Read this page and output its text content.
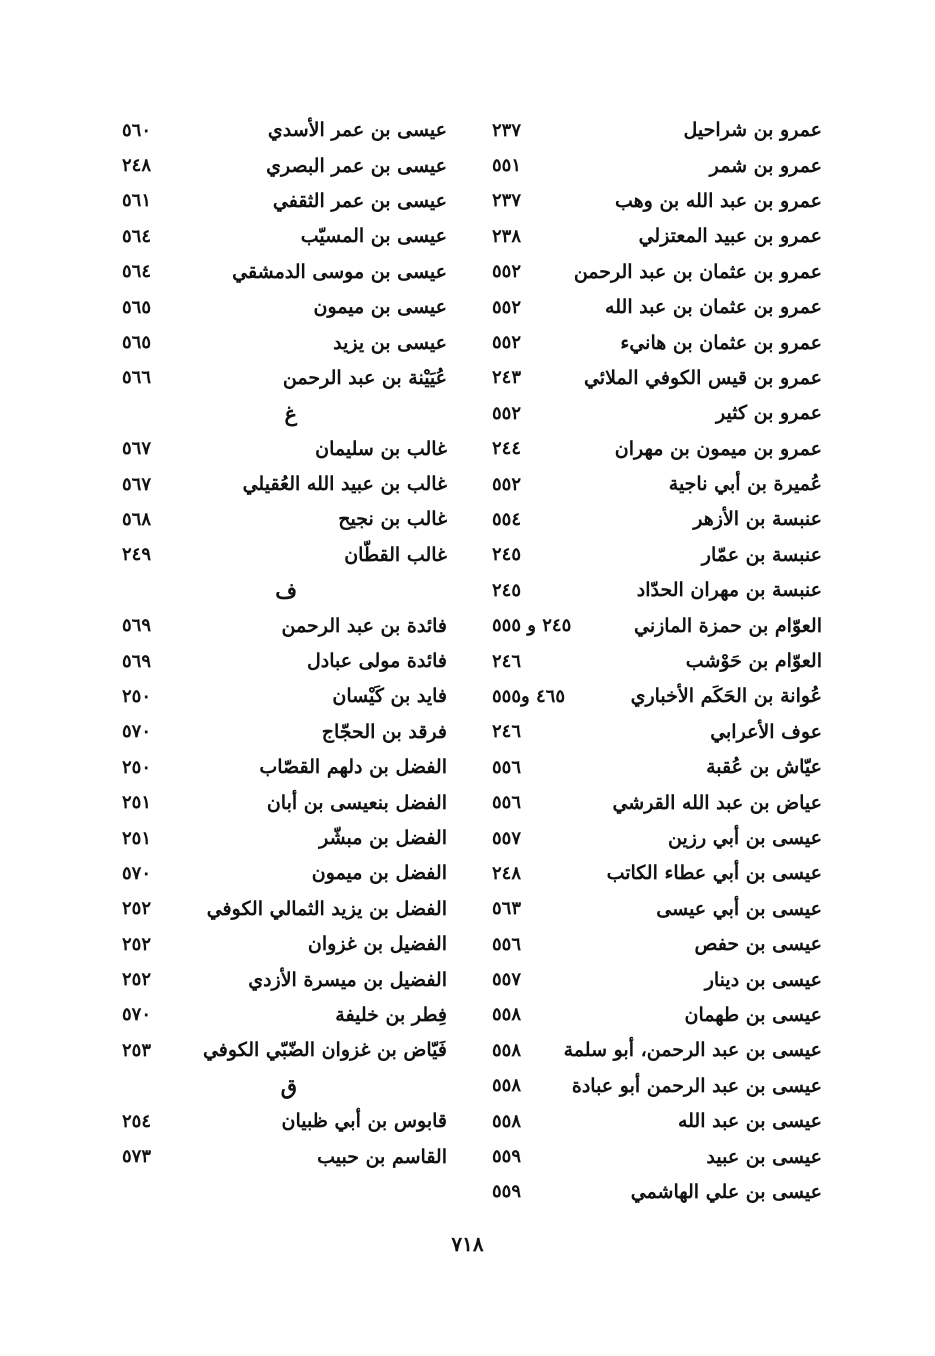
عمرو بن شراحيل
٢٣٧
عمرو بن شمر
٥٥١
عمرو بن عبد الله بن وهب
٢٣٧
عمرو بن عبيد المعتزلي
٢٣٨
عمرو بن عثمان بن عبد الرحمن
٥٥٢
عمرو بن عثمان بن عبد الله
٥٥٢
عمرو بن عثمان بن هانيء
٥٥٢
عمرو بن قيس الكوفي الملائي
٢٤٣
عمرو بن كثير
٥٥٢
عمرو بن ميمون بن مهران
٢٤٤
عُميرة بن أبي ناجية
٥٥٢
عنبسة بن الأزهر
٥٥٤
عنبسة بن عمّار
٢٤٥
عنبسة بن مهران الحدّاد
٢٤٥
العوّام بن حمزة المازني
٢٤٥ و ٥٥٥
العوّام بن حَوْشب
٢٤٦
عُوانة بن الحَكَم الأخباري
٤٦٥ و٥٥٥
عوف الأعرابي
٢٤٦
عيّاش بن عُقبة
٥٥٦
عياض بن عبد الله القرشي
٥٥٦
عيسى بن أبي رزين
٥٥٧
عيسى بن أبي عطاء الكاتب
٢٤٨
عيسى بن أبي عيسى
٥٦٣
عيسى بن حفص
٥٥٦
عيسى بن دينار
٥٥٧
عيسى بن طهمان
٥٥٨
عيسى بن عبد الرحمن، أبو سلمة
٥٥٨
عيسى بن عبد الرحمن أبو عبادة
٥٥٨
عيسى بن عبد الله
٥٥٨
عيسى بن عبيد
٥٥٩
عيسى بن علي الهاشمي
٥٥٩
عيسى بن عمر الأسدي
٥٦٠
عيسى بن عمر البصري
٢٤٨
عيسى بن عمر الثقفي
٥٦١
عيسى بن المسيّب
٥٦٤
عيسى بن موسى الدمشقي
٥٦٤
عيسى بن ميمون
٥٦٥
عيسى بن يزيد
٥٦٥
عُيَيْنة بن عبد الرحمن
٥٦٦
غ
غالب بن سليمان
٥٦٧
غالب بن عبيد الله العُقيلي
٥٦٧
غالب بن نجيح
٥٦٨
غالب القطّان
٢٤٩
ف
فائدة بن عبد الرحمن
٥٦٩
فائدة مولى عبادل
٥٦٩
فايد بن كَيْسان
٢٥٠
فرقد بن الحجّاج
٥٧٠
الفضل بن دلهم القصّاب
٢٥٠
الفضل بنعيسى بن أبان
٢٥١
الفضل بن مبشّر
٢٥١
الفضل بن ميمون
٥٧٠
الفضل بن يزيد الثمالي الكوفي
٢٥٢
الفضيل بن غزوان
٢٥٢
الفضيل بن ميسرة الأزدي
٢٥٢
فِطر بن خليفة
٥٧٠
فَيّاض بن غزوان الضّبّي الكوفي
٢٥٣
ق
قابوس بن أبي ظبيان
٢٥٤
القاسم بن حبيب
٥٧٣
٧١٨
